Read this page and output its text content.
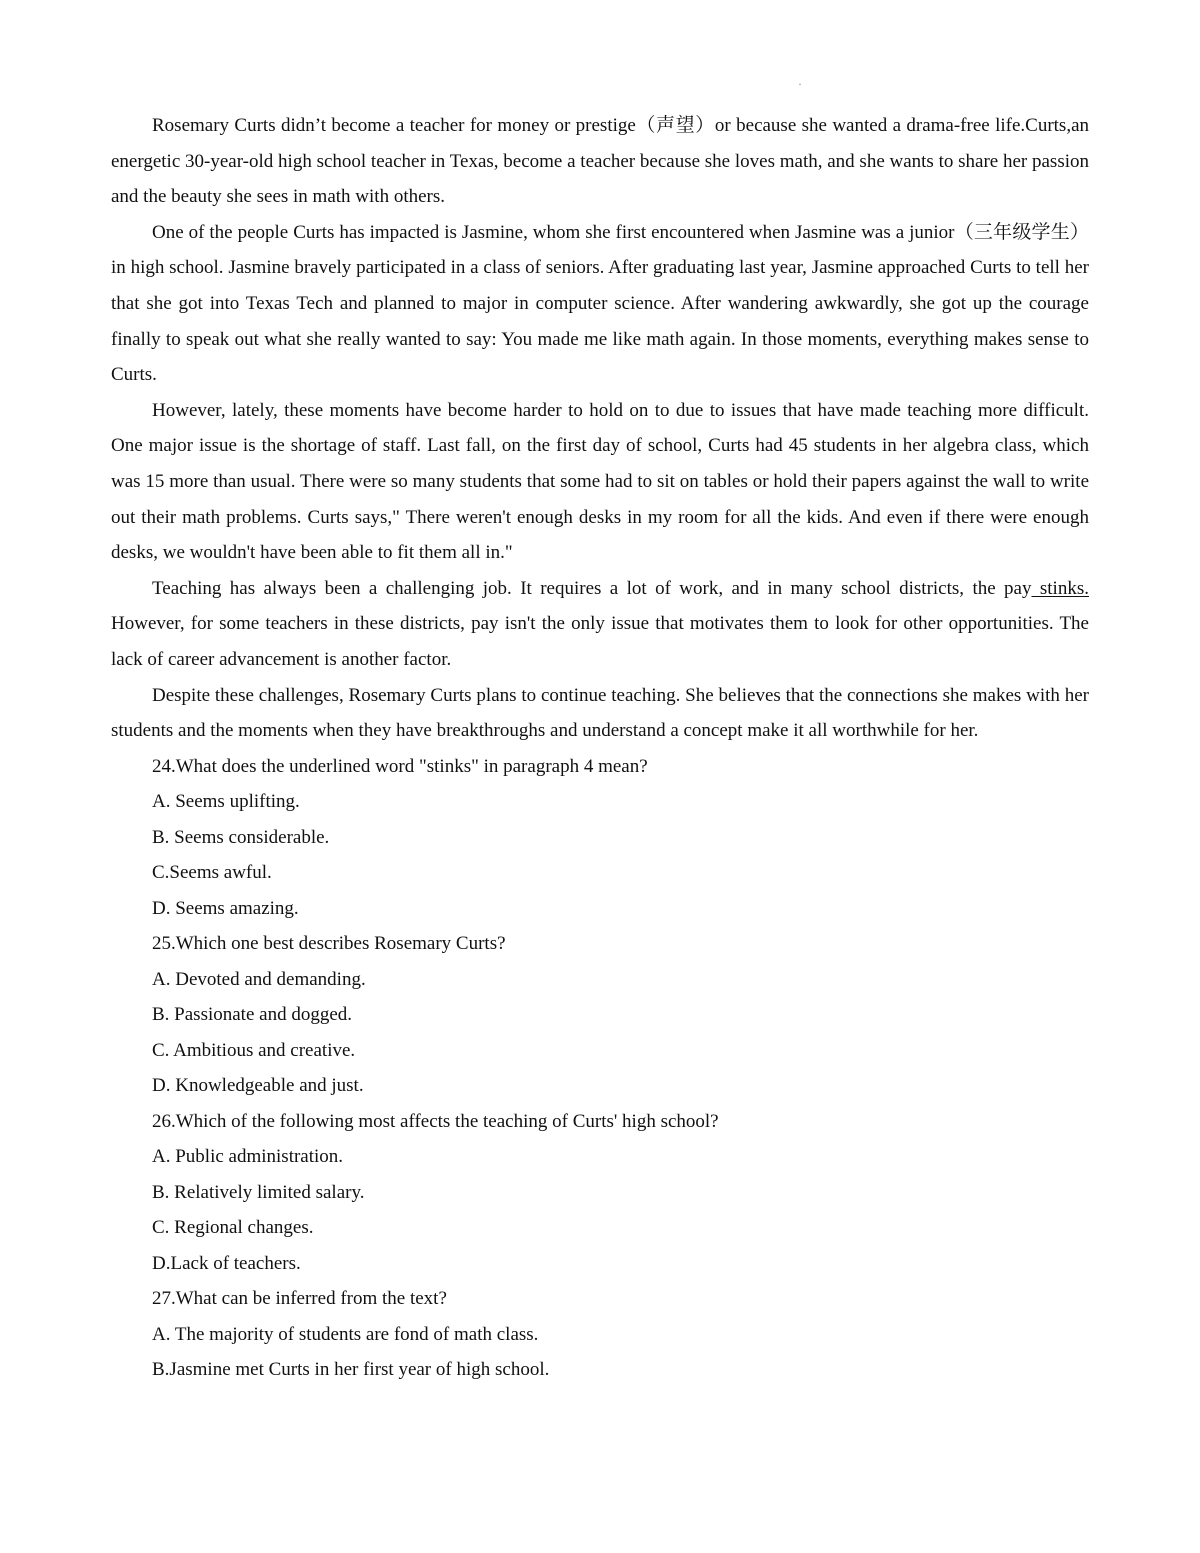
·

Rosemary Curts didn’t become a teacher for money or prestige（声望）or because she wanted a drama-free life.Curts,an energetic 30-year-old high school teacher in Texas, become a teacher because she loves math, and she wants to share her passion and the beauty she sees in math with others.

One of the people Curts has impacted is Jasmine, whom she first encountered when Jasmine was a junior（三年级学生）in high school. Jasmine bravely participated in a class of seniors. After graduating last year, Jasmine approached Curts to tell her that she got into Texas Tech and planned to major in computer science. After wandering awkwardly, she got up the courage finally to speak out what she really wanted to say: You made me like math again. In those moments, everything makes sense to Curts.

However, lately, these moments have become harder to hold on to due to issues that have made teaching more difficult. One major issue is the shortage of staff. Last fall, on the first day of school, Curts had 45 students in her algebra class, which was 15 more than usual. There were so many students that some had to sit on tables or hold their papers against the wall to write out their math problems. Curts says," There weren't enough desks in my room for all the kids. And even if there were enough desks, we wouldn't have been able to fit them all in."

Teaching has always been a challenging job. It requires a lot of work, and in many school districts, the pay stinks. However, for some teachers in these districts, pay isn't the only issue that motivates them to look for other opportunities. The lack of career advancement is another factor.

Despite these challenges, Rosemary Curts plans to continue teaching. She believes that the connections she makes with her students and the moments when they have breakthroughs and understand a concept make it all worthwhile for her.

24.What does the underlined word "stinks" in paragraph 4 mean?

A. Seems uplifting.

B. Seems considerable.

C.Seems awful.

D. Seems amazing.

25.Which one best describes Rosemary Curts?

A. Devoted and demanding.

B. Passionate and dogged.

C. Ambitious and creative.

D. Knowledgeable and just.

26.Which of the following most affects the teaching of Curts' high school?

A. Public administration.

B. Relatively limited salary.

C. Regional changes.

D.Lack of teachers.

27.What can be inferred from the text?

A. The majority of students are fond of math class.

B.Jasmine met Curts in her first year of high school.
